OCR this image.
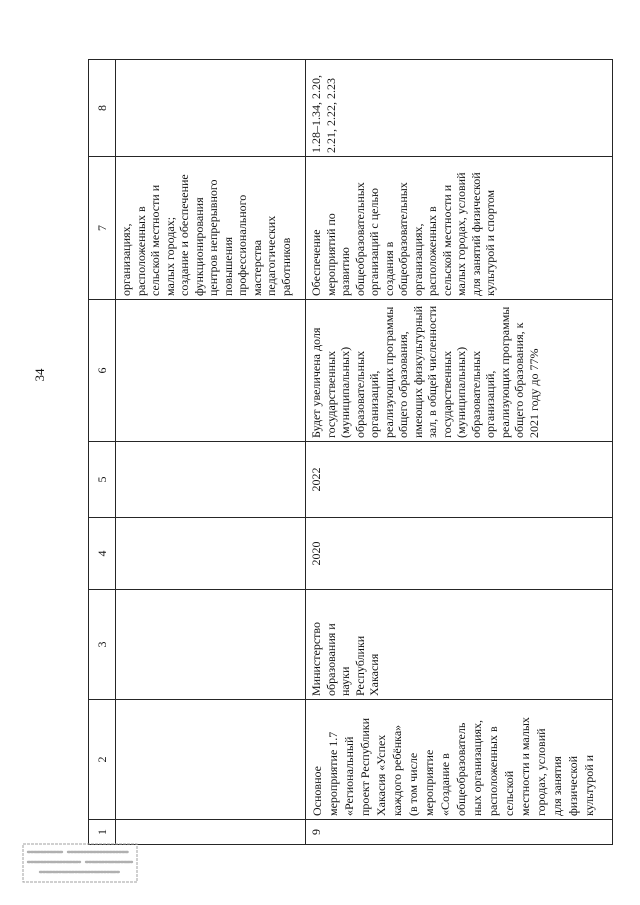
34
1
2
3
4
5
6
7
8
организациях,
расположенных в
сельской местности и
малых городах;
создание и обеспечение
функционирования
центров непрерывного
повышения
профессионального
мастерства
педагогических
работников
9
Основное
мероприятие 1.7
«Региональный
проект Республики
Хакасия «Успех
каждого ребёнка»
(в том числе
мероприятие
«Создание в
общеобразователь
ных организациях,
расположенных в
сельской
местности и малых
городах, условий
для занятия
физической
культурой и
Министерство
образования и
науки
Республики
Хакасия
2020
2022
Будет увеличена доля
государственных
(муниципальных)
образовательных
организаций,
реализующих программы
общего образования,
имеющих физкультурный
зал, в общей численности
государственных
(муниципальных)
образовательных
организаций,
реализующих программы
общего образования, к
2021 году до 77%
Обеспечение
мероприятий по
развитию
общеобразовательных
организаций с целью
создания в
общеобразовательных
организациях,
расположенных в
сельской местности и
малых городах, условий
для занятий физической
культурой и спортом
1.28–1.34, 2.20,
2.21, 2.22, 2.23
